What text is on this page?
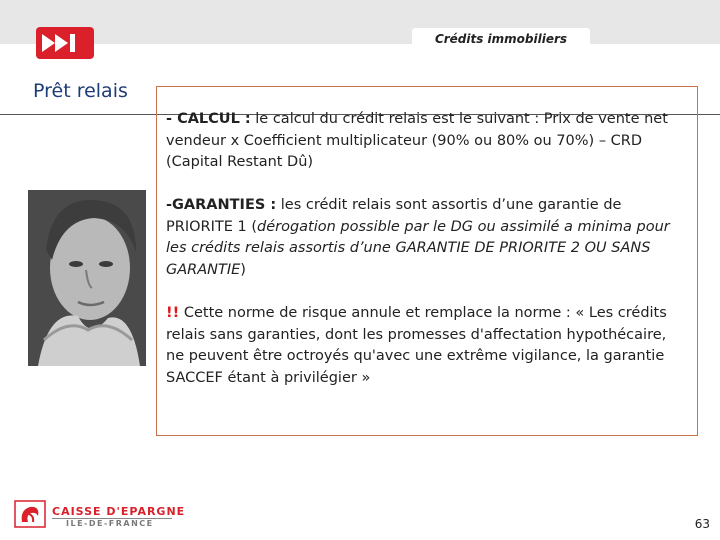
Crédits immobiliers
Prêt relais
- CALCUL : le calcul du crédit relais est le suivant : Prix de vente net vendeur x Coefficient multiplicateur (90% ou 80% ou 70%) – CRD (Capital Restant Dû)
-GARANTIES : les crédit relais sont assortis d’une garantie de PRIORITE 1 (dérogation possible par le DG ou assimilé a minima pour les crédits relais assortis d’une GARANTIE DE PRIORITE 2 OU SANS GARANTIE)
!! Cette norme de risque annule et remplace la norme : « Les crédits relais sans garanties, dont les promesses d'affectation hypothécaire, ne peuvent être octroyés qu'avec une extrême vigilance, la garantie SACCEF étant à privilégier »
CAISSE D'EPARGNE
ILE-DE-FRANCE	63
